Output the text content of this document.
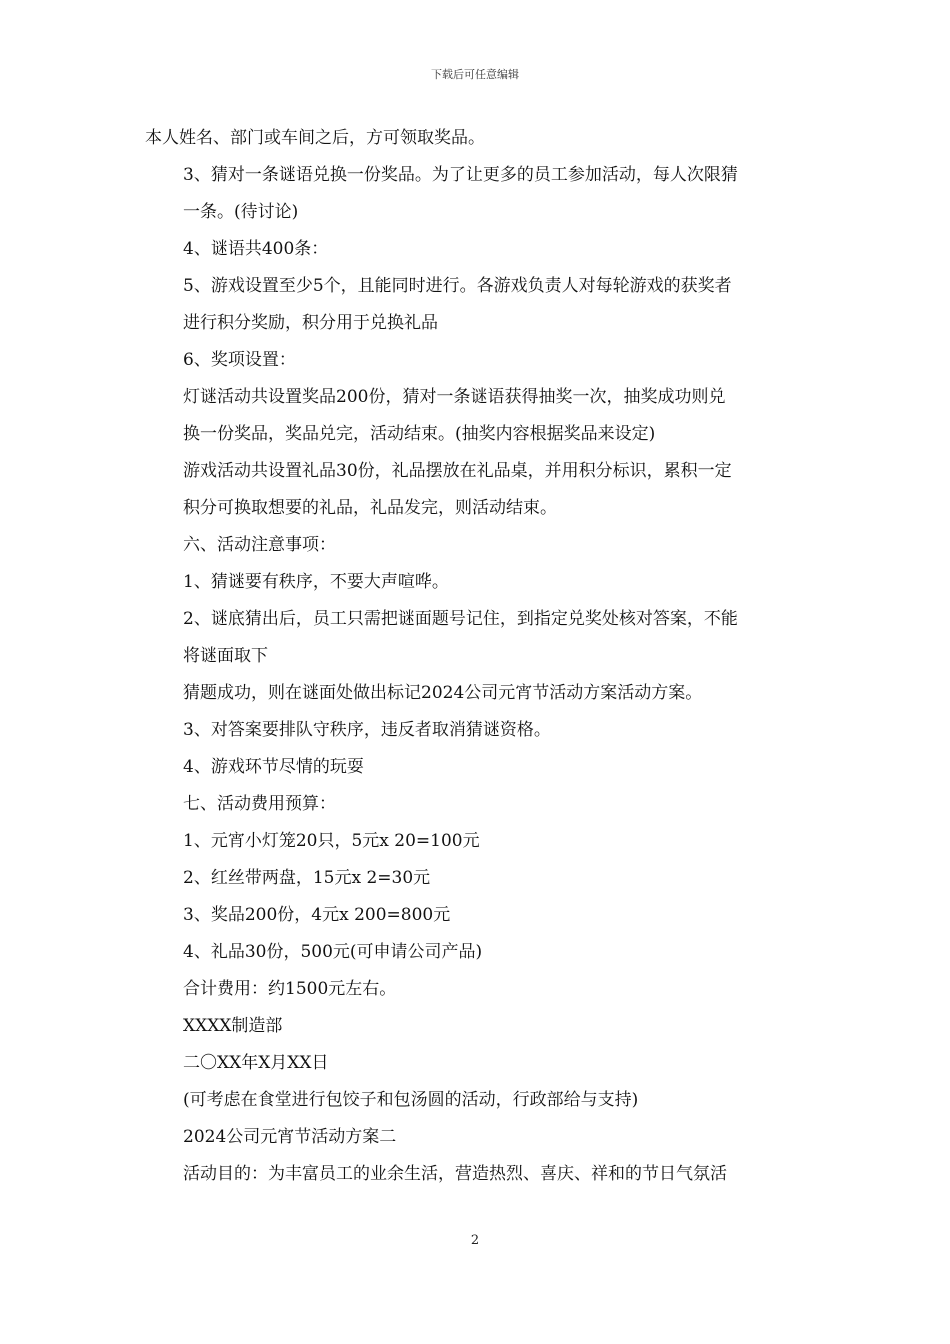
下载后可任意编辑

本人姓名、部门或车间之后，方可领取奖品。

3、猜对一条谜语兑换一份奖品。为了让更多的员工参加活动，每人次限猜
一条。(待讨论)

4、谜语共400条：

5、游戏设置至少5个，且能同时进行。各游戏负责人对每轮游戏的获奖者
进行积分奖励，积分用于兑换礼品

6、奖项设置：

灯谜活动共设置奖品200份，猜对一条谜语获得抽奖一次，抽奖成功则兑
换一份奖品，奖品兑完，活动结束。(抽奖内容根据奖品来设定)

游戏活动共设置礼品30份，礼品摆放在礼品桌，并用积分标识，累积一定
积分可换取想要的礼品，礼品发完，则活动结束。

六、活动注意事项：

1、猜谜要有秩序，不要大声喧哗。

2、谜底猜出后，员工只需把谜面题号记住，到指定兑奖处核对答案，不能
将谜面取下

猜题成功，则在谜面处做出标记2024公司元宵节活动方案活动方案。

3、对答案要排队守秩序，违反者取消猜谜资格。

4、游戏环节尽情的玩耍

七、活动费用预算：

1、元宵小灯笼20只，5元x 20=100元

2、红丝带两盘，15元x 2=30元

3、奖品200份，4元x 200=800元

4、礼品30份，500元(可申请公司产品)

合计费用：约1500元左右。

XXXX制造部

二〇XX年X月XX日

(可考虑在食堂进行包饺子和包汤圆的活动，行政部给与支持)

2024公司元宵节活动方案二

活动目的：为丰富员工的业余生活，营造热烈、喜庆、祥和的节日气氛活

2
